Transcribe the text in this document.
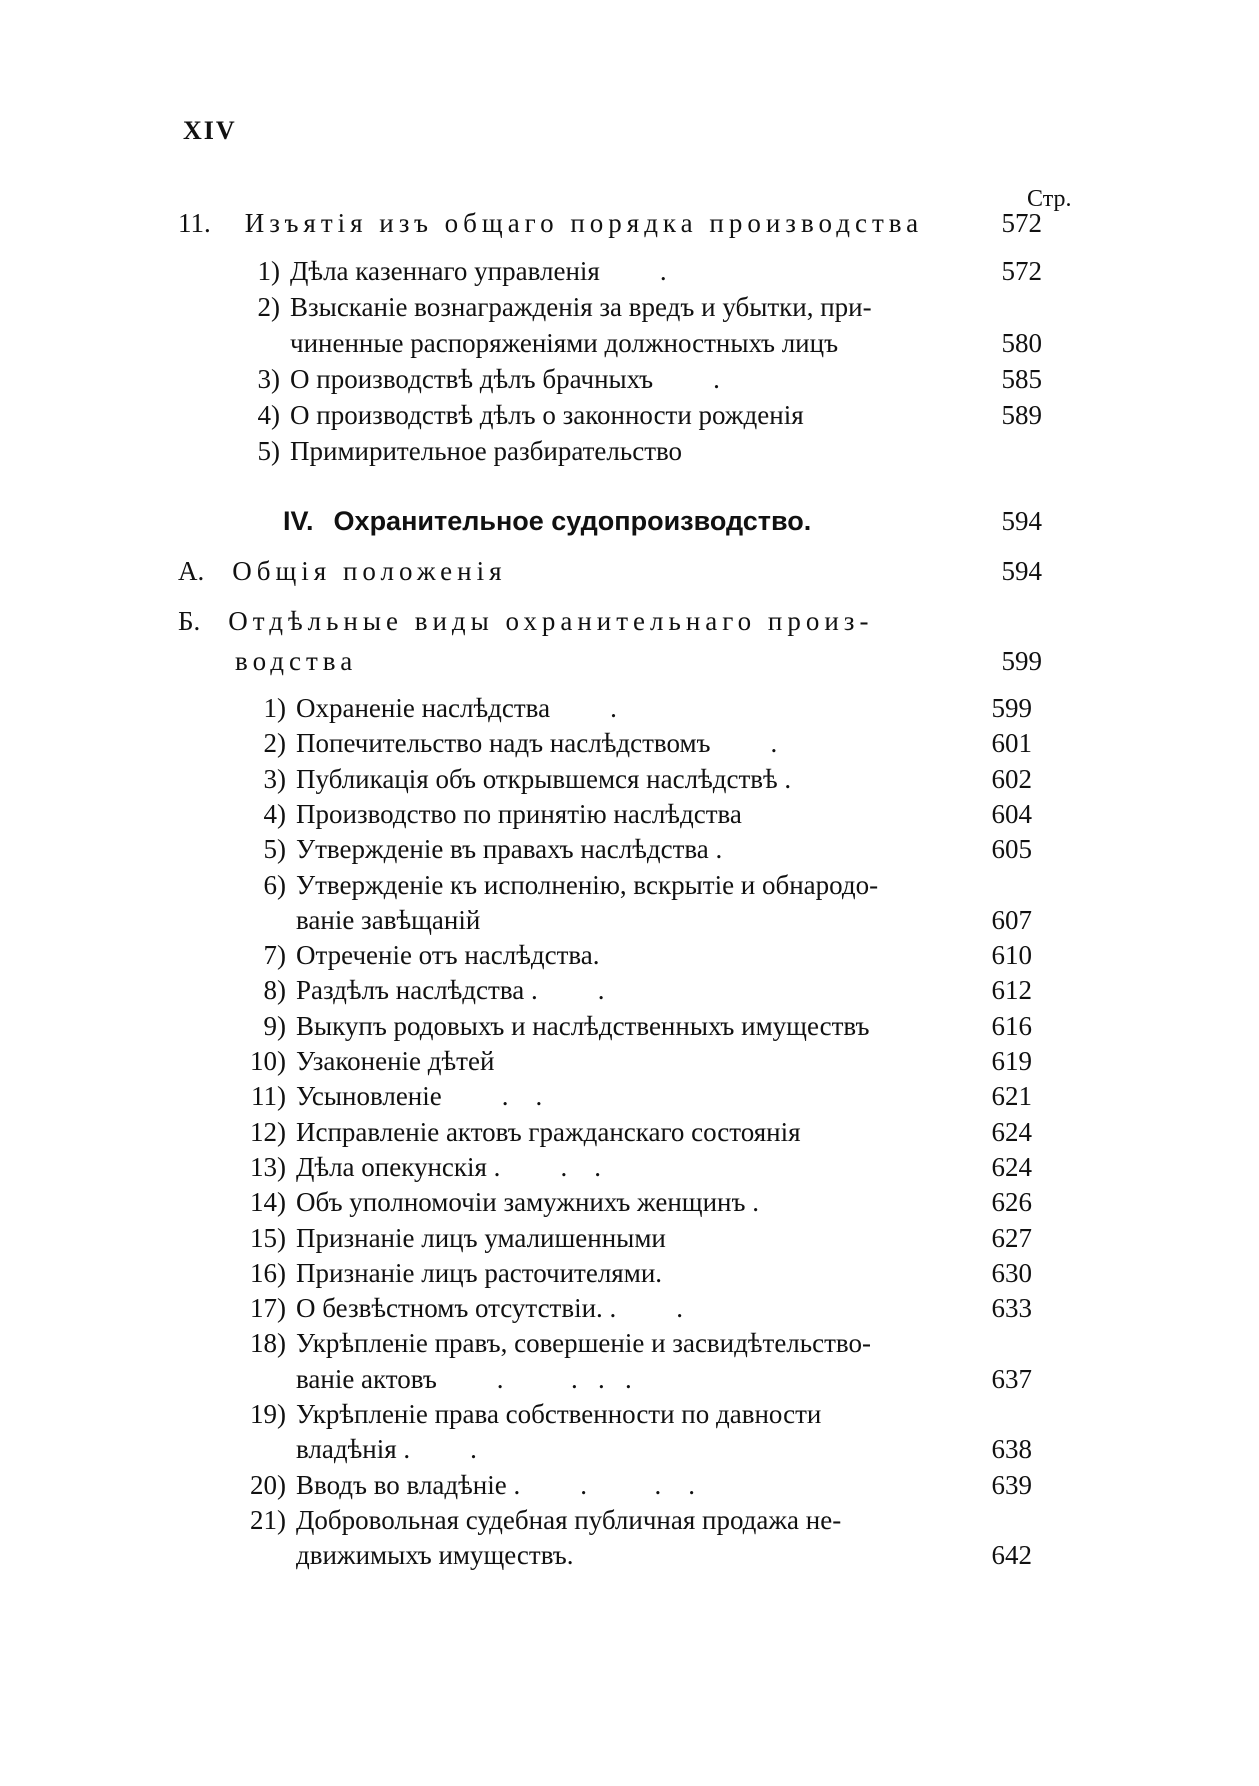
XIV
Стр.
11. Изъятія изъ общаго порядка производства	572
1) Дѣла казеннаго управленія .	572
2) Взысканіе вознагражденія за вредъ и убытки, при-
чиненные распоряженіями должностныхъ лицъ	580
3) О производствѣ дѣлъ брачныхъ .	585
4) О производствѣ дѣлъ о законности рожденія	589
5) Примирительное разбирательство
IV. Охранительное судопроизводство.	594
А. Общія положенія	594
Б. Отдѣльные виды охранительнаго произ-
водства	599
1) Охраненіе наслѣдства .	599
2) Попечительство надъ наслѣдствомъ .	601
3) Публикація объ открывшемся наслѣдствѣ .	602
4) Производство по принятію наслѣдства	604
5) Утвержденіе въ правахъ наслѣдства .	605
6) Утвержденіе къ исполненію, вскрытіе и обнародо-
ваніе завѣщаній	607
7) Отреченіе отъ наслѣдства.	610
8) Раздѣлъ наслѣдства . .	612
9) Выкупъ родовыхъ и наслѣдственныхъ имуществъ	616
10) Узаконеніе дѣтей	619
11) Усыновленіе .    .	621
12) Исправленіе актовъ гражданскаго состоянія	624
13) Дѣла опекунскія . .    .	624
14) Объ уполномочіи замужнихъ женщинъ .	626
15) Признаніе лицъ умалишенными	627
16) Признаніе лицъ расточителями.	630
17) О безвѣстномъ отсутствіи. . .	633
18) Укрѣпленіе правъ, совершеніе и засвидѣтельство-
ваніе актовъ .          .   .   .	637
19) Укрѣпленіе права собственности по давности
владѣнія . .	638
20) Вводъ во владѣніе . .          .    .	639
21) Добровольная судебная публичная продажа не-
движимыхъ имуществъ.	642
